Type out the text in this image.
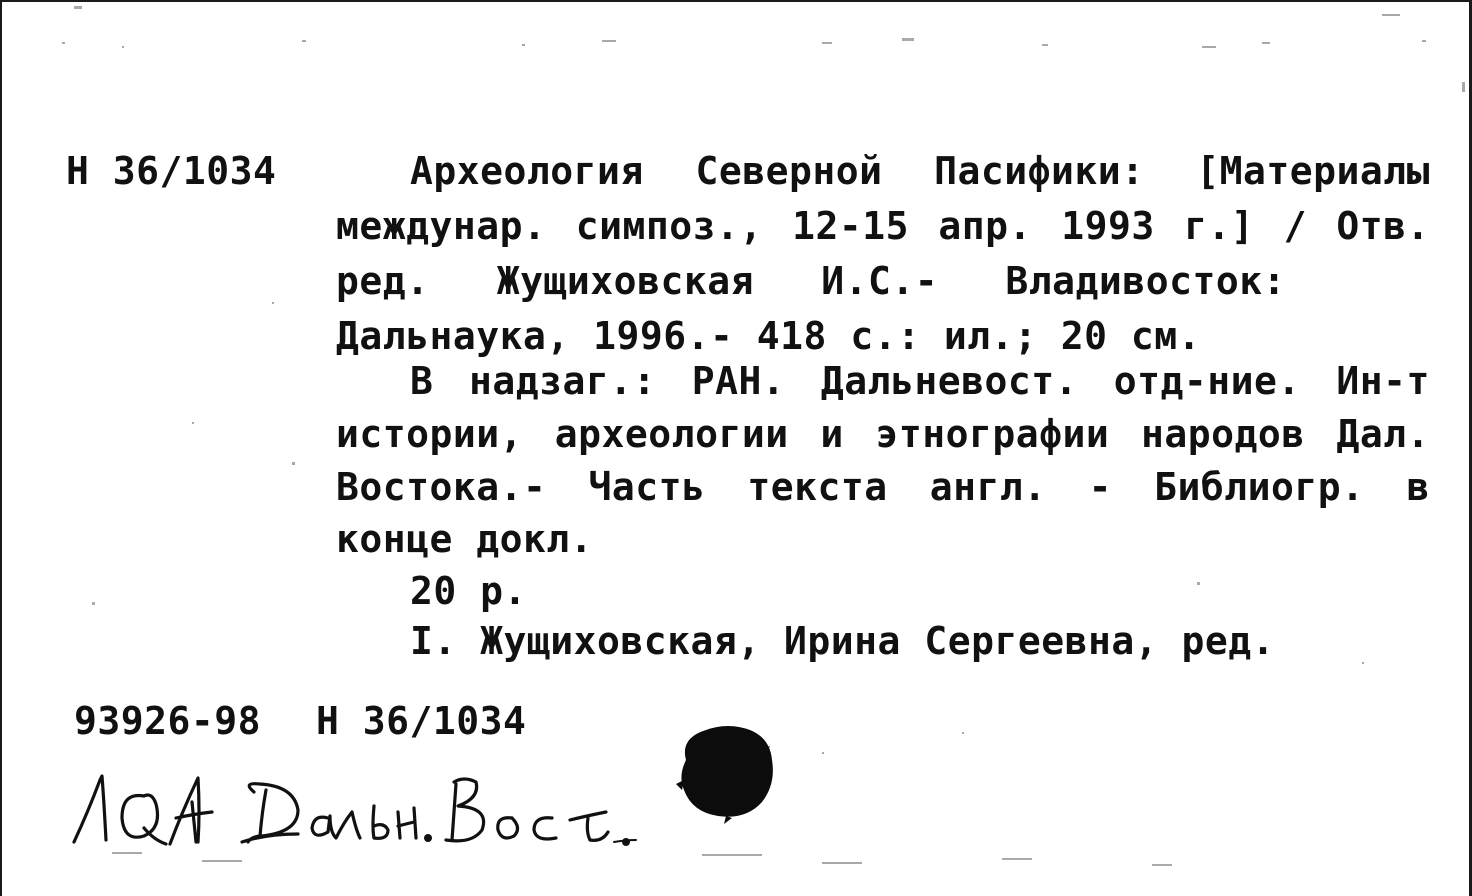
Н 36/1034

	Археология Северной Пасифики: [Материалы

междунар. симпоз., 12-15 апр. 1993 г.] / Отв.

ред. Жущиховская И.С.- Владивосток:

Дальнаука, 1996.- 418 с.: ил.; 20 см.

В надзаг.: РАН. Дальневост. отд-ние. Ин-т

истории, археологии и этнографии народов Дал.

Востока.- Часть текста англ. - Библиогр. в

конце докл.

20 р.

I. Жущиховская, Ирина Сергеевна, ред.

93926-98 Н 36/1034
